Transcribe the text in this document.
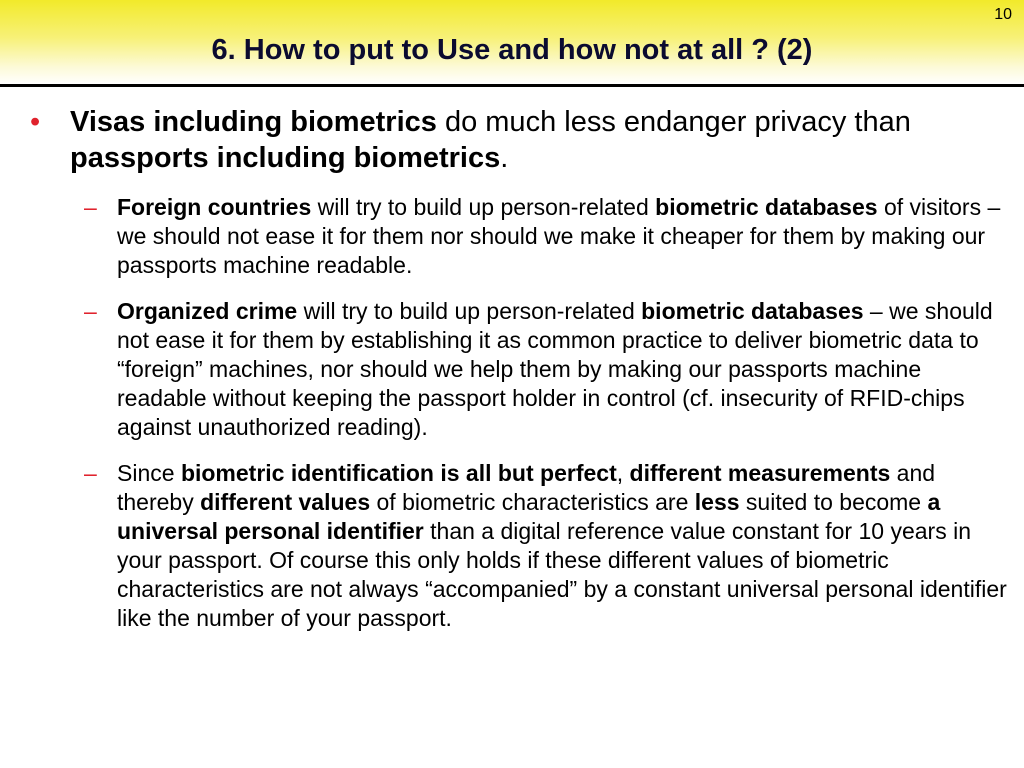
10
6. How to put to Use and how not at all ? (2)
• Visas including biometrics do much less endanger privacy than passports including biometrics.
– Foreign countries will try to build up person-related biometric databases of visitors – we should not ease it for them nor should we make it cheaper for them by making our passports machine readable.
– Organized crime will try to build up person-related biometric databases – we should not ease it for them by establishing it as common practice to deliver biometric data to “foreign” machines, nor should we help them by making our passports machine readable without keeping the passport holder in control (cf. insecurity of RFID-chips against unauthorized reading).
– Since biometric identification is all but perfect, different measurements and thereby different values of biometric characteristics are less suited to become a universal personal identifier than a digital reference value constant for 10 years in your passport. Of course this only holds if these different values of biometric characteristics are not always “accompanied” by a constant universal personal identifier like the number of your passport.
